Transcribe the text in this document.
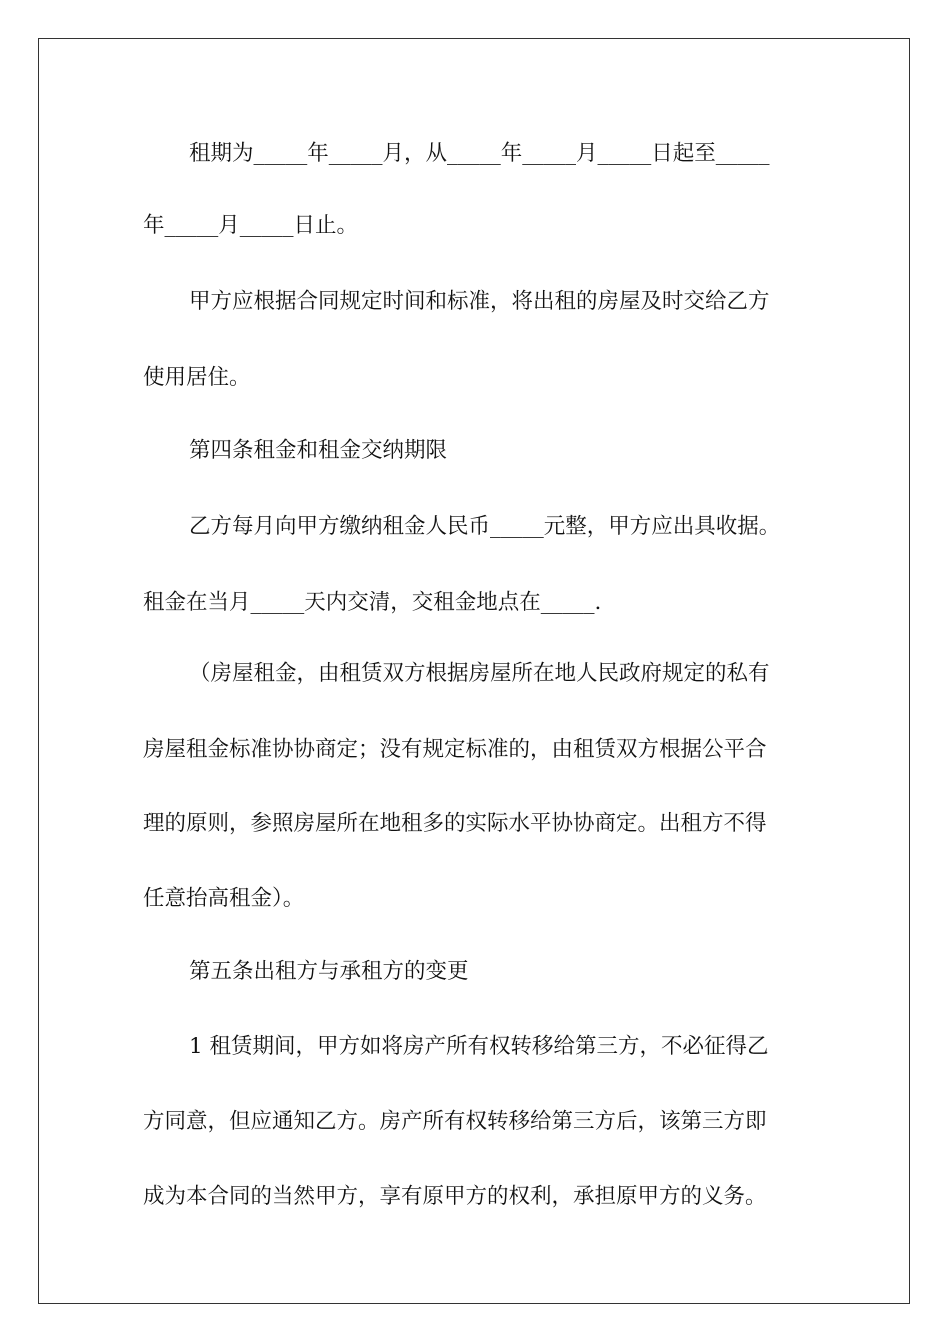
租期为_____年_____月，从_____年_____月_____日起至_____
年_____月_____日止。
甲方应根据合同规定时间和标准，将出租的房屋及时交给乙方
使用居住。
第四条租金和租金交纳期限
乙方每月向甲方缴纳租金人民币_____元整，甲方应出具收据。
租金在当月_____天内交清，交租金地点在_____.
（房屋租金，由租赁双方根据房屋所在地人民政府规定的私有
房屋租金标准协协商定；没有规定标准的，由租赁双方根据公平合
理的原则，参照房屋所在地租多的实际水平协协商定。出租方不得
任意抬高租金）。
第五条出租方与承租方的变更
1 租赁期间，甲方如将房产所有权转移给第三方，不必征得乙
方同意，但应通知乙方。房产所有权转移给第三方后，该第三方即
成为本合同的当然甲方，享有原甲方的权利，承担原甲方的义务。
